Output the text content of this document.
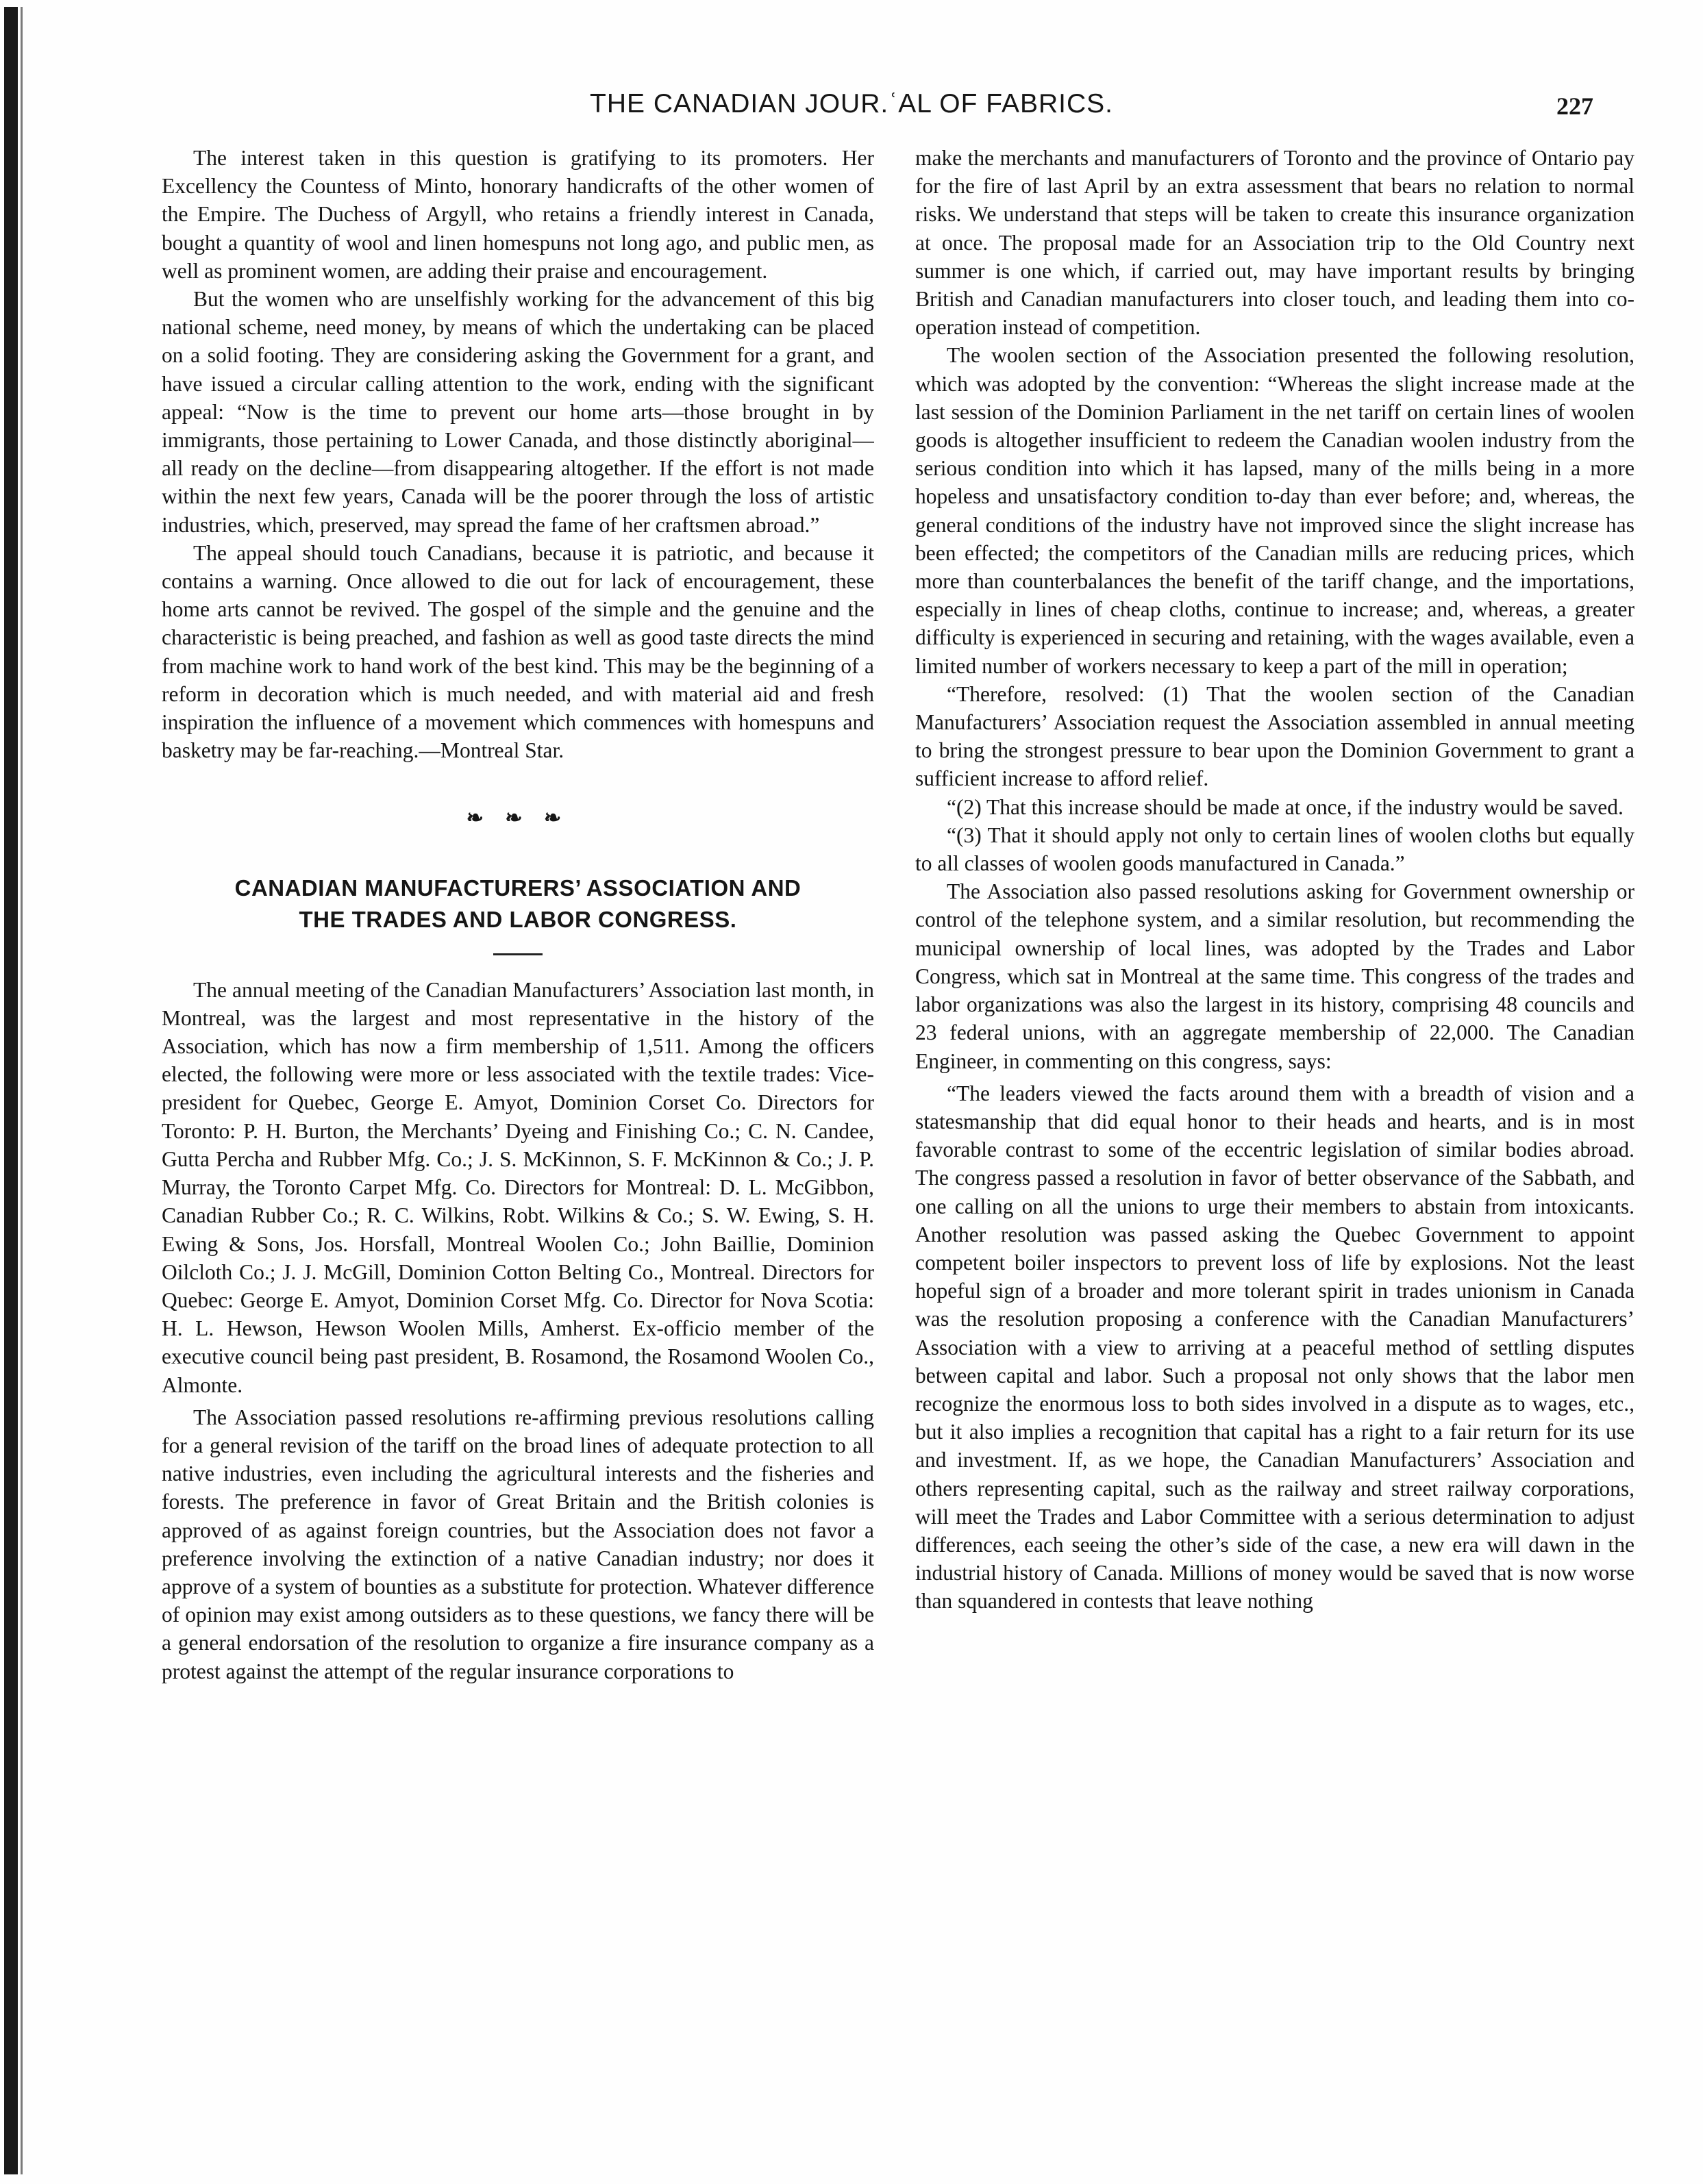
THE CANADIAN JOUR.ʿAL OF FABRICS.	227

The interest taken in this question is gratifying to its promoters. Her Excellency the Countess of Minto, honorary handicrafts of the other women of the Empire. The Duchess of Argyll, who retains a friendly interest in Canada, bought a quantity of wool and linen homespuns not long ago, and public men, as well as prominent women, are adding their praise and encouragement.

But the women who are unselfishly working for the advancement of this big national scheme, need money, by means of which the undertaking can be placed on a solid footing. They are considering asking the Government for a grant, and have issued a circular calling attention to the work, ending with the significant appeal: “Now is the time to prevent our home arts—those brought in by immigrants, those pertaining to Lower Canada, and those distinctly aboriginal—all ready on the decline—from disappearing altogether. If the effort is not made within the next few years, Canada will be the poorer through the loss of artistic industries, which, preserved, may spread the fame of her craftsmen abroad.”

The appeal should touch Canadians, because it is patriotic, and because it contains a warning. Once allowed to die out for lack of encouragement, these home arts cannot be revived. The gospel of the simple and the genuine and the characteristic is being preached, and fashion as well as good taste directs the mind from machine work to hand work of the best kind. This may be the beginning of a reform in decoration which is much needed, and with material aid and fresh inspiration the influence of a movement which commences with homespuns and basketry may be far-reaching.—Montreal Star.

❧ ❧ ❧
CANADIAN MANUFACTURERS’ ASSOCIATION AND
THE TRADES AND LABOR CONGRESS.

The annual meeting of the Canadian Manufacturers’ Association last month, in Montreal, was the largest and most representative in the history of the Association, which has now a firm membership of 1,511. Among the officers elected, the following were more or less associated with the textile trades: Vice-president for Quebec, George E. Amyot, Dominion Corset Co. Directors for Toronto: P. H. Burton, the Merchants’ Dyeing and Finishing Co.; C. N. Candee, Gutta Percha and Rubber Mfg. Co.; J. S. McKinnon, S. F. McKinnon & Co.; J. P. Murray, the Toronto Carpet Mfg. Co. Directors for Montreal: D. L. McGibbon, Canadian Rubber Co.; R. C. Wilkins, Robt. Wilkins & Co.; S. W. Ewing, S. H. Ewing & Sons, Jos. Horsfall, Montreal Woolen Co.; John Baillie, Dominion Oilcloth Co.; J. J. McGill, Dominion Cotton Belting Co., Montreal. Directors for Quebec: George E. Amyot, Dominion Corset Mfg. Co. Director for Nova Scotia: H. L. Hewson, Hewson Woolen Mills, Amherst. Ex-officio member of the executive council being past president, B. Rosamond, the Rosamond Woolen Co., Almonte.

The Association passed resolutions re-affirming previous resolutions calling for a general revision of the tariff on the broad lines of adequate protection to all native industries, even including the agricultural interests and the fisheries and forests. The preference in favor of Great Britain and the British colonies is approved of as against foreign countries, but the Association does not favor a preference involving the extinction of a native Canadian industry; nor does it approve of a system of bounties as a substitute for protection. Whatever difference of opinion may exist among outsiders as to these questions, we fancy there will be a general endorsation of the resolution to organize a fire insurance company as a protest against the attempt of the regular insurance corporations to

make the merchants and manufacturers of Toronto and the province of Ontario pay for the fire of last April by an extra assessment that bears no relation to normal risks. We understand that steps will be taken to create this insurance organization at once. The proposal made for an Association trip to the Old Country next summer is one which, if carried out, may have important results by bringing British and Canadian manufacturers into closer touch, and leading them into co-operation instead of competition.

The woolen section of the Association presented the following resolution, which was adopted by the convention: “Whereas the slight increase made at the last session of the Dominion Parliament in the net tariff on certain lines of woolen goods is altogether insufficient to redeem the Canadian woolen industry from the serious condition into which it has lapsed, many of the mills being in a more hopeless and unsatisfactory condition to-day than ever before; and, whereas, the general conditions of the industry have not improved since the slight increase has been effected; the competitors of the Canadian mills are reducing prices, which more than counterbalances the benefit of the tariff change, and the importations, especially in lines of cheap cloths, continue to increase; and, whereas, a greater difficulty is experienced in securing and retaining, with the wages available, even a limited number of workers necessary to keep a part of the mill in operation;

“Therefore, resolved: (1) That the woolen section of the Canadian Manufacturers’ Association request the Association assembled in annual meeting to bring the strongest pressure to bear upon the Dominion Government to grant a sufficient increase to afford relief.

“(2) That this increase should be made at once, if the industry would be saved.

“(3) That it should apply not only to certain lines of woolen cloths but equally to all classes of woolen goods manufactured in Canada.”

The Association also passed resolutions asking for Government ownership or control of the telephone system, and a similar resolution, but recommending the municipal ownership of local lines, was adopted by the Trades and Labor Congress, which sat in Montreal at the same time. This congress of the trades and labor organizations was also the largest in its history, comprising 48 councils and 23 federal unions, with an aggregate membership of 22,000. The Canadian Engineer, in commenting on this congress, says:

“The leaders viewed the facts around them with a breadth of vision and a statesmanship that did equal honor to their heads and hearts, and is in most favorable contrast to some of the eccentric legislation of similar bodies abroad. The congress passed a resolution in favor of better observance of the Sabbath, and one calling on all the unions to urge their members to abstain from intoxicants. Another resolution was passed asking the Quebec Government to appoint competent boiler inspectors to prevent loss of life by explosions. Not the least hopeful sign of a broader and more tolerant spirit in trades unionism in Canada was the resolution proposing a conference with the Canadian Manufacturers’ Association with a view to arriving at a peaceful method of settling disputes between capital and labor. Such a proposal not only shows that the labor men recognize the enormous loss to both sides involved in a dispute as to wages, etc., but it also implies a recognition that capital has a right to a fair return for its use and investment. If, as we hope, the Canadian Manufacturers’ Association and others representing capital, such as the railway and street railway corporations, will meet the Trades and Labor Committee with a serious determination to adjust differences, each seeing the other’s side of the case, a new era will dawn in the industrial history of Canada. Millions of money would be saved that is now worse than squandered in contests that leave nothing
